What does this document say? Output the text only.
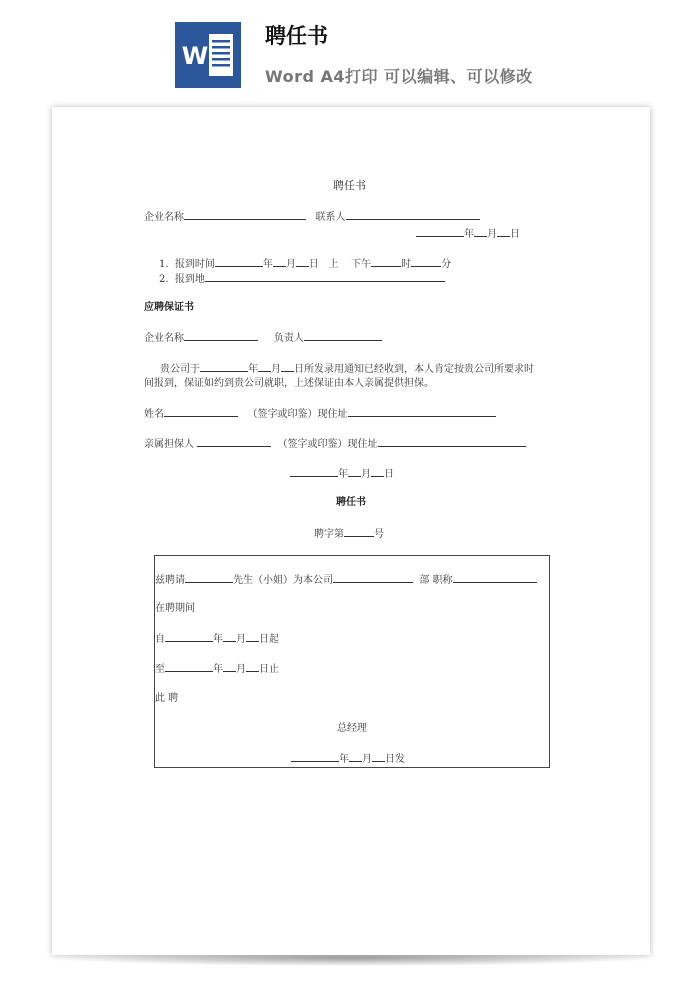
W
聘任书
Word A4打印 可以编辑、可以修改
聘任书
企业名称	联系人
年 月 日
1. 报到时间	年 月 日 上 下午	时	分
2. 报到地
应聘保证书
企业名称	负责人
贵公司于	年 月 日所发录用通知已经收到，本人肯定按贵公司所要求时
间报到，保证如约到贵公司就职，上述保证由本人亲属提供担保。
姓名	（签字或印鉴）现住址
亲属担保人	（签字或印鉴）现住址
年 月 日
聘任书
聘字第	号
兹聘请	先生（小姐）为本公司	部 职称
在聘期间
自	年 月 日起
至	年 月 日止
此 聘
总经理
年 月 日发
